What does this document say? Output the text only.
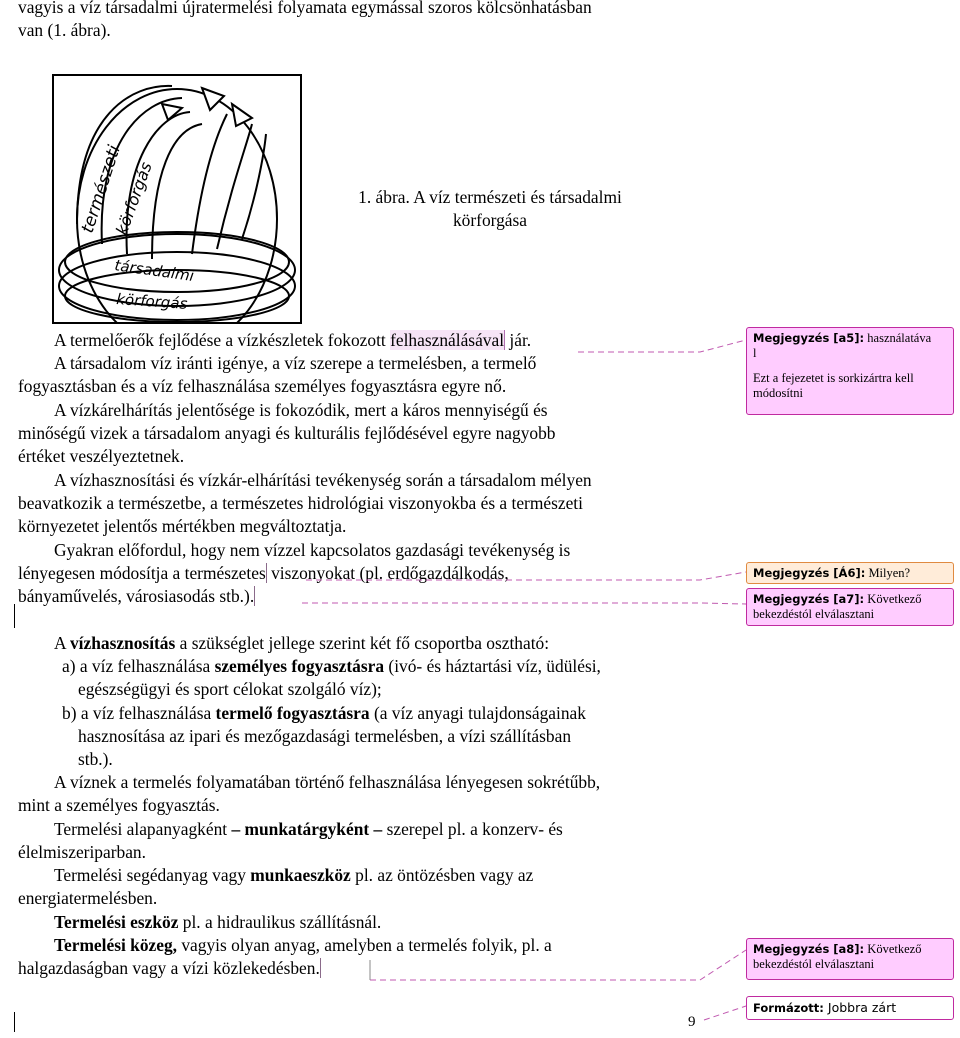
vagyis a víz társadalmi újratermelési folyamata egymással szoros kölcsönhatásban

van (1. ábra).

természeti
körforgás
társadalmi
körforgás
1. ábra. A víz természeti és társadalmi
körforgása

A termelőerők fejlődése a vízkészletek fokozott felhasználásával jár.

A társadalom víz iránti igénye, a víz szerepe a termelésben, a termelő

fogyasztásban és a víz felhasználása személyes fogyasztásra egyre nő.

A vízkárelhárítás jelentősége is fokozódik, mert a káros mennyiségű és

minőségű vizek a társadalom anyagi és kulturális fejlődésével egyre nagyobb

értéket veszélyeztetnek.

A vízhasznosítási és vízkár-elhárítási tevékenység során a társadalom mélyen

beavatkozik a természetbe, a természetes hidrológiai viszonyokba és a természeti

környezetet jelentős mértékben megváltoztatja.

Gyakran előfordul, hogy nem vízzel kapcsolatos gazdasági tevékenység is

lényegesen módosítja a természetes viszonyokat (pl. erdőgazdálkodás,

bányaművelés, városiasodás stb.).

A vízhasznosítás a szükséglet jellege szerint két fő csoportba osztható:

a) a víz felhasználása személyes fogyasztásra (ivó- és háztartási víz, üdülési,

egészségügyi és sport célokat szolgáló víz);

b) a víz felhasználása termelő fogyasztásra (a víz anyagi tulajdonságainak

hasznosítása az ipari és mezőgazdasági termelésben, a vízi szállításban

stb.).

A víznek a termelés folyamatában történő felhasználása lényegesen sokrétűbb,

mint a személyes fogyasztás.

Termelési alapanyagként – munkatárgyként – szerepel pl. a konzerv- és

élelmiszeriparban.

Termelési segédanyag vagy munkaeszköz pl. az öntözésben vagy az

energiatermelésben.

Termelési eszköz pl. a hidraulikus szállításnál.

Termelési közeg, vagyis olyan anyag, amelyben a termelés folyik, pl. a

halgazdaságban vagy a vízi közlekedésben.

Megjegyzés [a5]: használatáva
l
Ezt a fejezetet is sorkizártra kell
módosítni
Megjegyzés [Á6]: Milyen?
Megjegyzés [a7]: Következő
bekezdéstól elválasztani
Megjegyzés [a8]: Következő
bekezdéstól elválasztani
Formázott: Jobbra zárt
9
